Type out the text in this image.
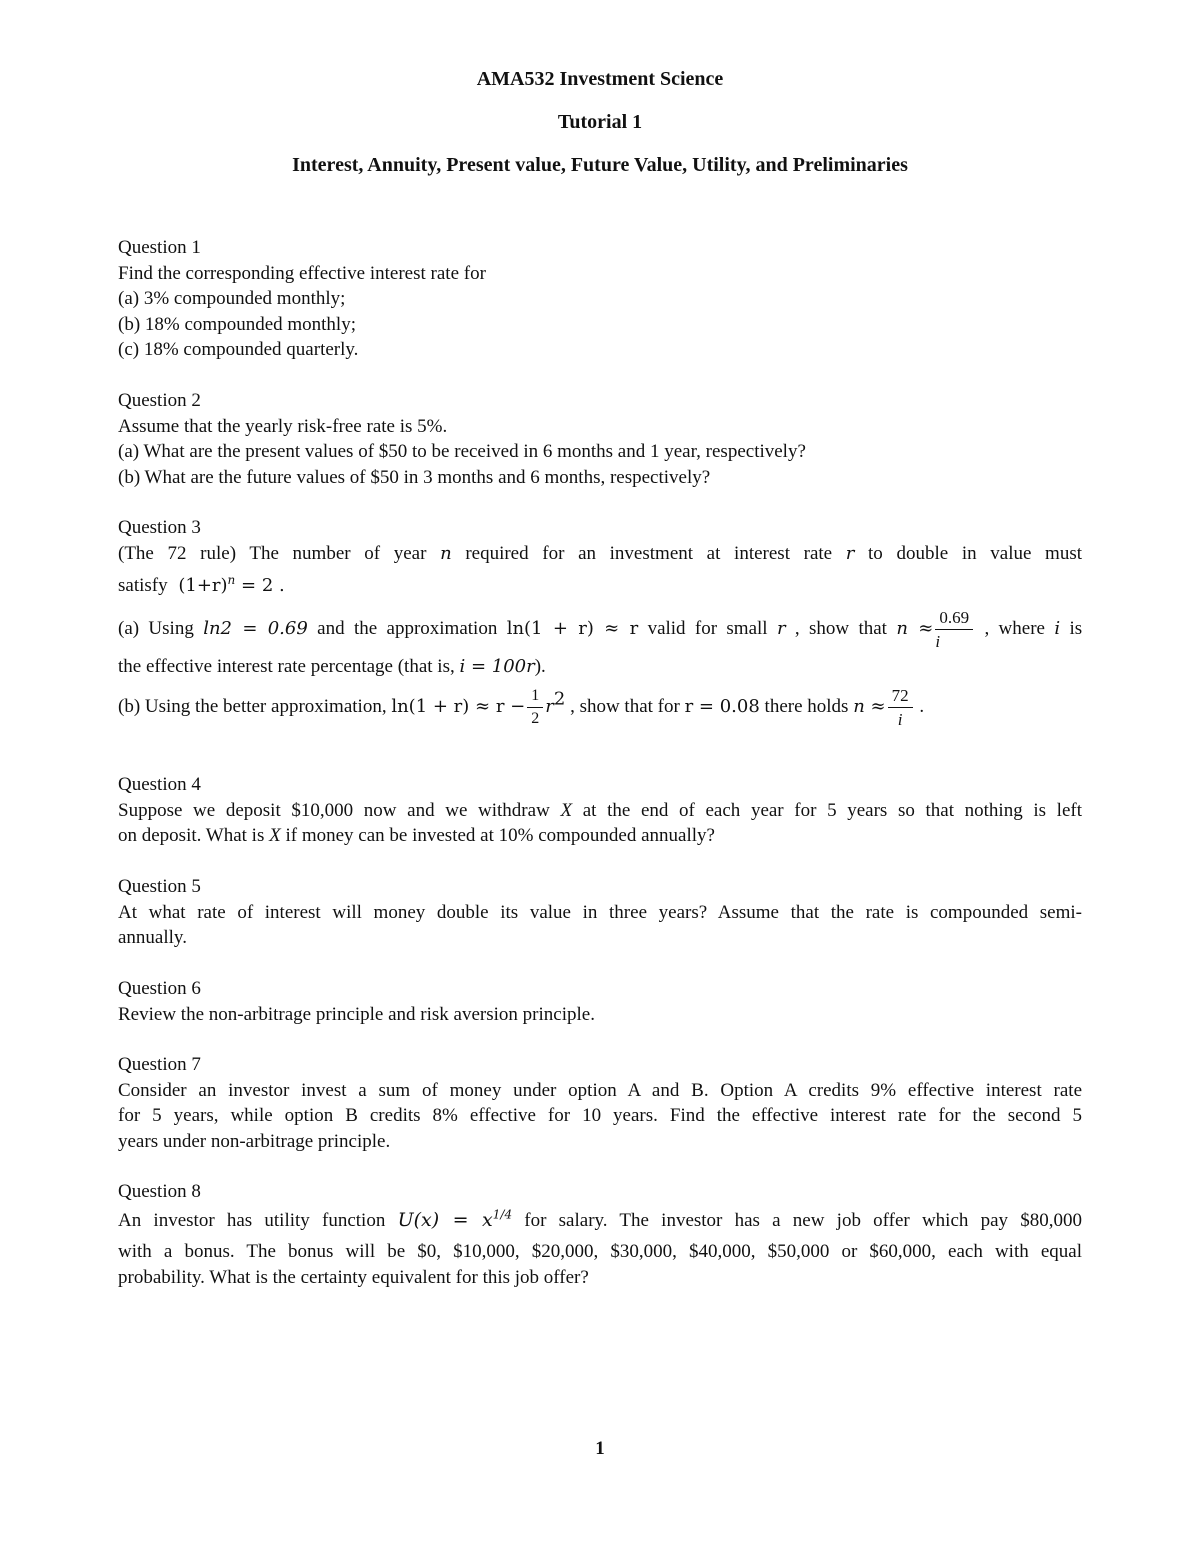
AMA532 Investment Science
Tutorial 1
Interest, Annuity, Present value, Future Value, Utility, and Preliminaries
Question 1
Find the corresponding effective interest rate for
(a) 3% compounded monthly;
(b) 18% compounded monthly;
(c) 18% compounded quarterly.
Question 2
Assume that the yearly risk-free rate is 5%.
(a) What are the present values of $50 to be received in 6 months and 1 year, respectively?
(b) What are the future values of $50 in 3 months and 6 months, respectively?
Question 3
(The 72 rule) The number of year n required for an investment at interest rate r to double in value must
satisfy $(1+r)^n = 2$ .
(a) Using ln2 = 0.69 and the approximation ln(1 + r) ≈ r valid for small r , show that $n \approx \frac{0.69}{i}$ , where i is
the effective interest rate percentage (that is, i = 100r).
(b) Using the better approximation, $\ln(1 + r) \approx r - \frac{1}{2} r^2$ , show that for r = 0.08 there holds $n \approx \frac{72}{i}$ .
Question 4
Suppose we deposit $10,000 now and we withdraw X at the end of each year for 5 years so that nothing is left
on deposit. What is X if money can be invested at 10% compounded annually?
Question 5
At what rate of interest will money double its value in three years? Assume that the rate is compounded semi-
annually.
Question 6
Review the non-arbitrage principle and risk aversion principle.
Question 7
Consider an investor invest a sum of money under option A and B. Option A credits 9% effective interest rate
for 5 years, while option B credits 8% effective for 10 years. Find the effective interest rate for the second 5
years under non-arbitrage principle.
Question 8
An investor has utility function $U(x) = x^{1/4}$ for salary. The investor has a new job offer which pay $80,000
with a bonus. The bonus will be $0, $10,000, $20,000, $30,000, $40,000, $50,000 or $60,000, each with equal
probability. What is the certainty equivalent for this job offer?
1
